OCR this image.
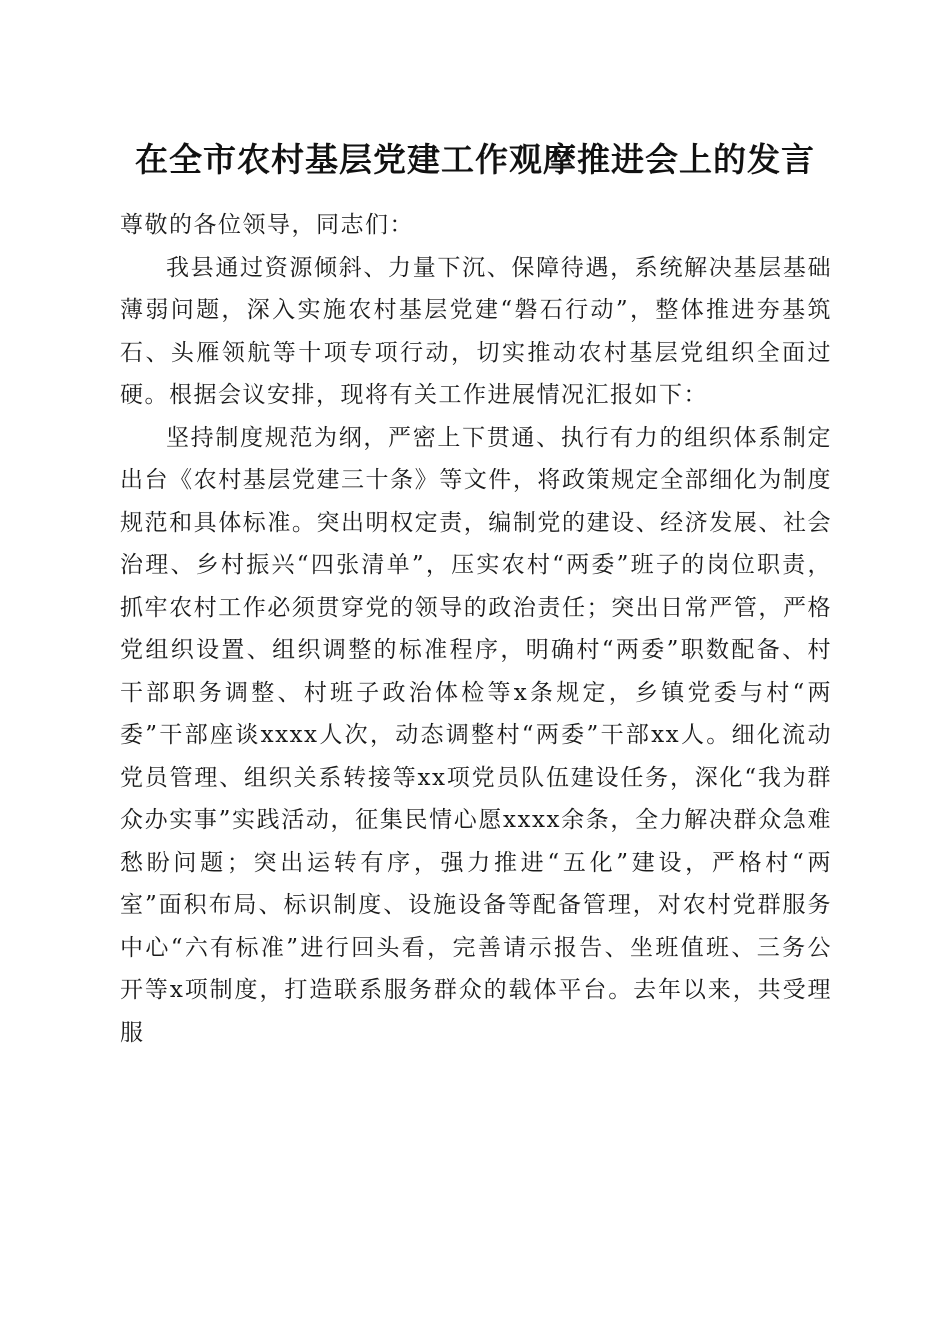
在全市农村基层党建工作观摩推进会上的发言

尊敬的各位领导，同志们：

我县通过资源倾斜、力量下沉、保障待遇，系统解决基层基础薄弱问题，深入实施农村基层党建“磐石行动”，整体推进夯基筑石、头雁领航等十项专项行动，切实推动农村基层党组织全面过硬。根据会议安排，现将有关工作进展情况汇报如下：

坚持制度规范为纲，严密上下贯通、执行有力的组织体系制定出台《农村基层党建三十条》等文件，将政策规定全部细化为制度规范和具体标准。突出明权定责，编制党的建设、经济发展、社会治理、乡村振兴“四张清单”，压实农村“两委”班子的岗位职责，抓牢农村工作必须贯穿党的领导的政治责任；突出日常严管，严格党组织设置、组织调整的标准程序，明确村“两委”职数配备、村干部职务调整、村班子政治体检等x条规定，乡镇党委与村“两委”干部座谈xxxx人次，动态调整村“两委”干部xx人。细化流动党员管理、组织关系转接等xx项党员队伍建设任务，深化“我为群众办实事”实践活动，征集民情心愿xxxx余条，全力解决群众急难愁盼问题；突出运转有序，强力推进“五化”建设，严格村“两室”面积布局、标识制度、设施设备等配备管理，对农村党群服务中心“六有标准”进行回头看，完善请示报告、坐班值班、三务公开等x项制度，打造联系服务群众的载体平台。去年以来，共受理服
